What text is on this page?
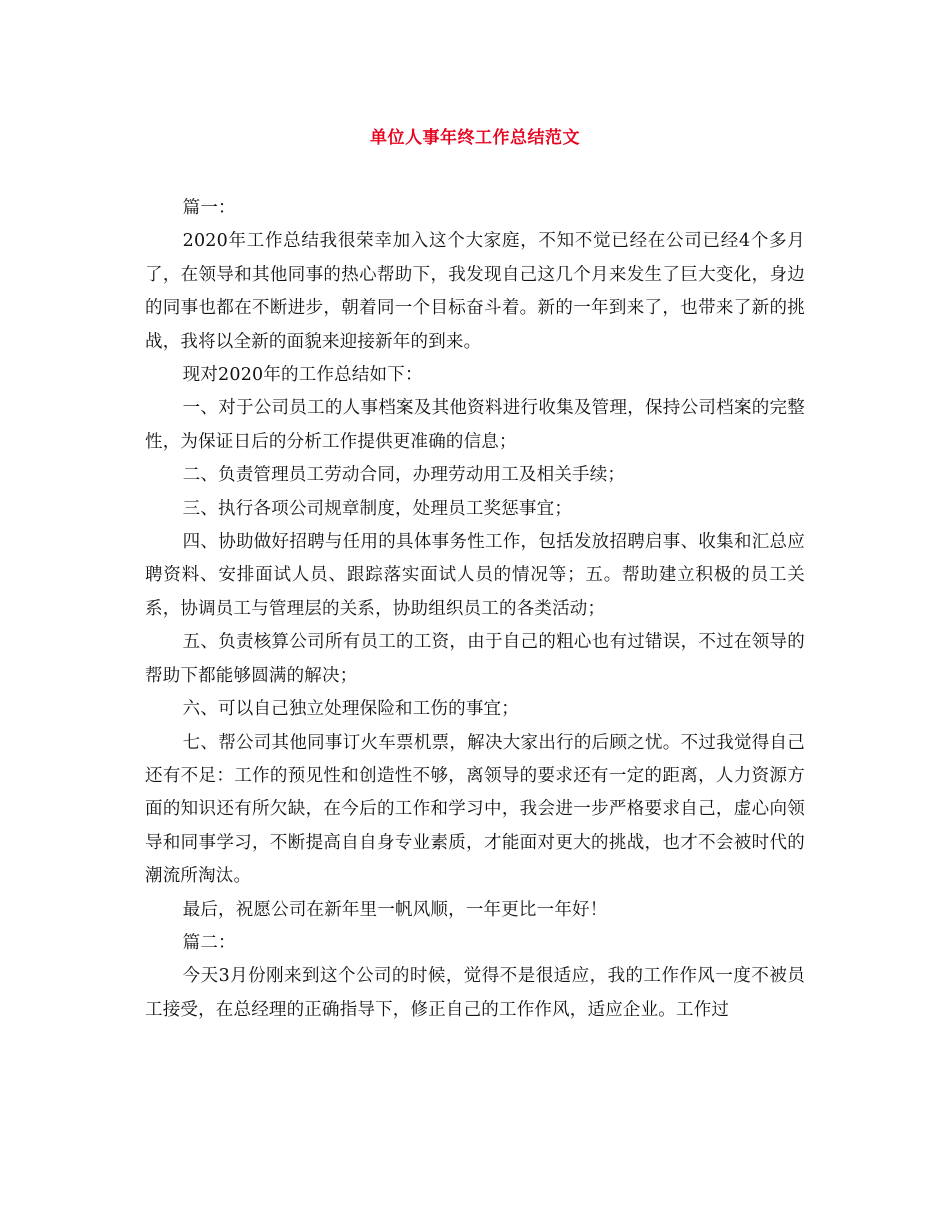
单位人事年终工作总结范文

篇一：

2020年工作总结我很荣幸加入这个大家庭，不知不觉已经在公司已经4个多月了，在领导和其他同事的热心帮助下，我发现自己这几个月来发生了巨大变化，身边的同事也都在不断进步，朝着同一个目标奋斗着。新的一年到来了，也带来了新的挑战，我将以全新的面貌来迎接新年的到来。

现对2020年的工作总结如下：

一、对于公司员工的人事档案及其他资料进行收集及管理，保持公司档案的完整性，为保证日后的分析工作提供更准确的信息；

二、负责管理员工劳动合同，办理劳动用工及相关手续；

三、执行各项公司规章制度，处理员工奖惩事宜；

四、协助做好招聘与任用的具体事务性工作，包括发放招聘启事、收集和汇总应聘资料、安排面试人员、跟踪落实面试人员的情况等；五。帮助建立积极的员工关系，协调员工与管理层的关系，协助组织员工的各类活动；

五、负责核算公司所有员工的工资，由于自己的粗心也有过错误，不过在领导的帮助下都能够圆满的解决；

六、可以自己独立处理保险和工伤的事宜；

七、帮公司其他同事订火车票机票，解决大家出行的后顾之忧。不过我觉得自己还有不足：工作的预见性和创造性不够，离领导的要求还有一定的距离，人力资源方面的知识还有所欠缺，在今后的工作和学习中，我会进一步严格要求自己，虚心向领导和同事学习，不断提高自自身专业素质，才能面对更大的挑战，也才不会被时代的潮流所淘汰。

最后，祝愿公司在新年里一帆风顺，一年更比一年好！

篇二：

今天3月份刚来到这个公司的时候，觉得不是很适应，我的工作作风一度不被员工接受，在总经理的正确指导下，修正自己的工作作风，适应企业。工作过
